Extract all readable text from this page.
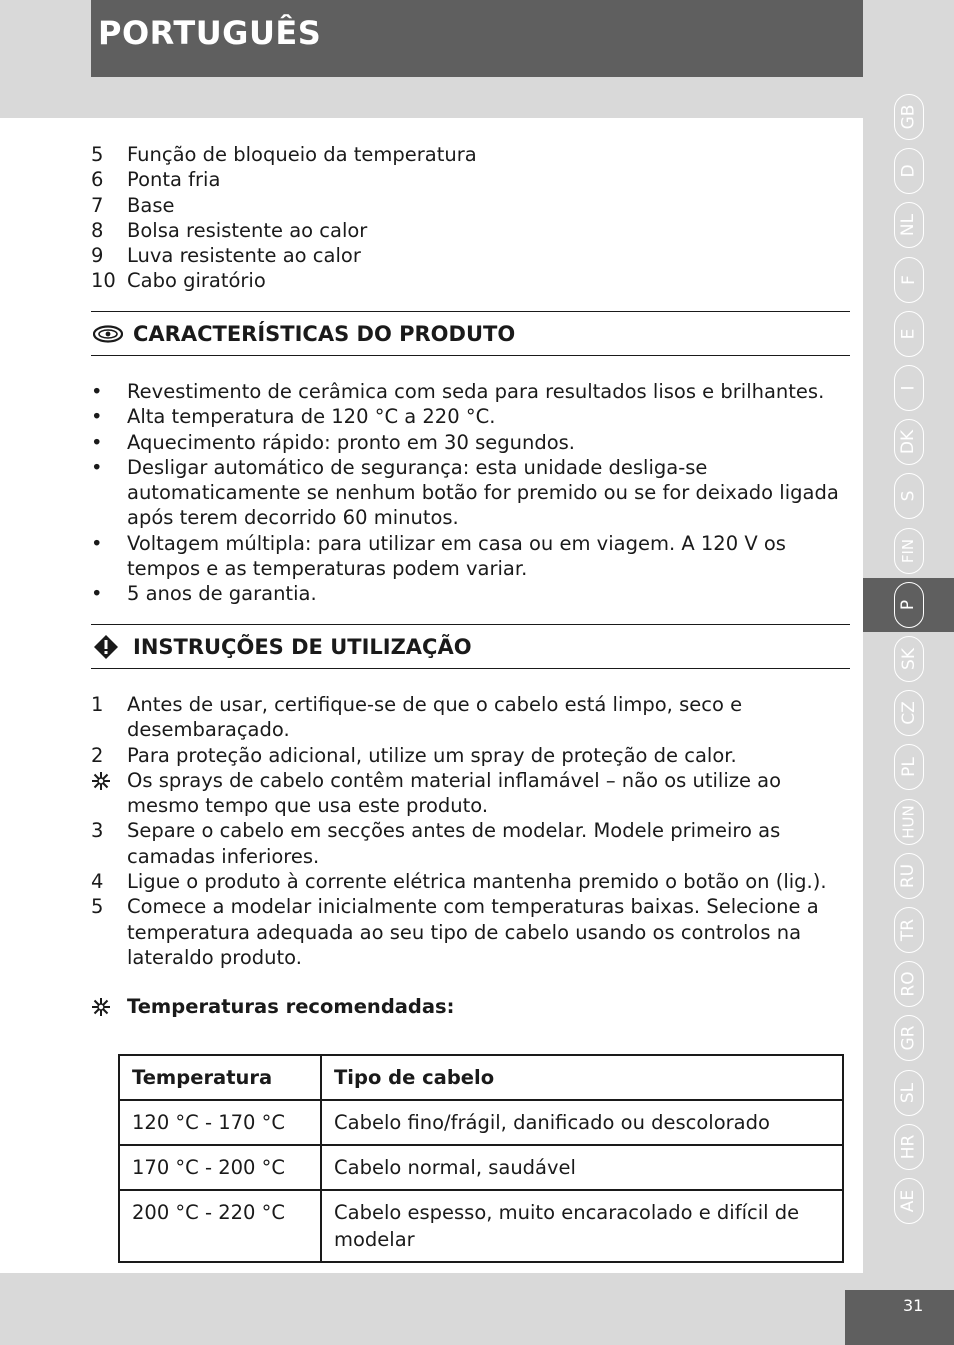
5	Função de bloqueio da temperatura
6	Ponta fria
7	Base
8	Bolsa resistente ao calor
9	Luva resistente ao calor
10 Cabo giratório
CARACTERÍSTICAS DO PRODUTO
•	Revestimento de cerâmica com seda para resultados lisos e brilhantes.
•	Alta temperatura de 120 °C a 220 °C.
•	Aquecimento rápido: pronto em 30 segundos.
•	Desligar automático de segurança: esta unidade desliga-se automaticamente se nenhum botão for premido ou se for deixado ligada após terem decorrido 60 minutos.
•	Voltagem múltipla: para utilizar em casa ou em viagem. A 120 V os tempos e as temperaturas podem variar.
•	5 anos de garantia.
INSTRUÇÕES DE UTILIZAÇÃO
1	Antes de usar, certifique-se de que o cabelo está limpo, seco e desembaraçado.
2	Para proteção adicional, utilize um spray de proteção de calor.
Os sprays de cabelo contêm material inflamável – não os utilize ao mesmo tempo que usa este produto.
3	Separe o cabelo em secções antes de modelar. Modele primeiro as camadas inferiores.
4	Ligue o produto à corrente elétrica mantenha premido o botão on (lig.).
5	Comece a modelar inicialmente com temperaturas baixas. Selecione a temperatura adequada ao seu tipo de cabelo usando os controlos na lateraldo produto.
Temperaturas recomendadas:
Temperatura	Tipo de cabelo
120 °C - 170 °C	Cabelo fino/frágil, danificado ou descolorado
170 °C - 200 °C	Cabelo normal, saudável
200 °C - 220 °C	Cabelo espesso, muito encaracolado e difícil de modelar
PORTUGUÊS
GB
D
NL
F
E
I
DK
S
FIN
P
SK
CZ
PL
HUN
RU
TR
RO
GR
SL
HR
AE
31
